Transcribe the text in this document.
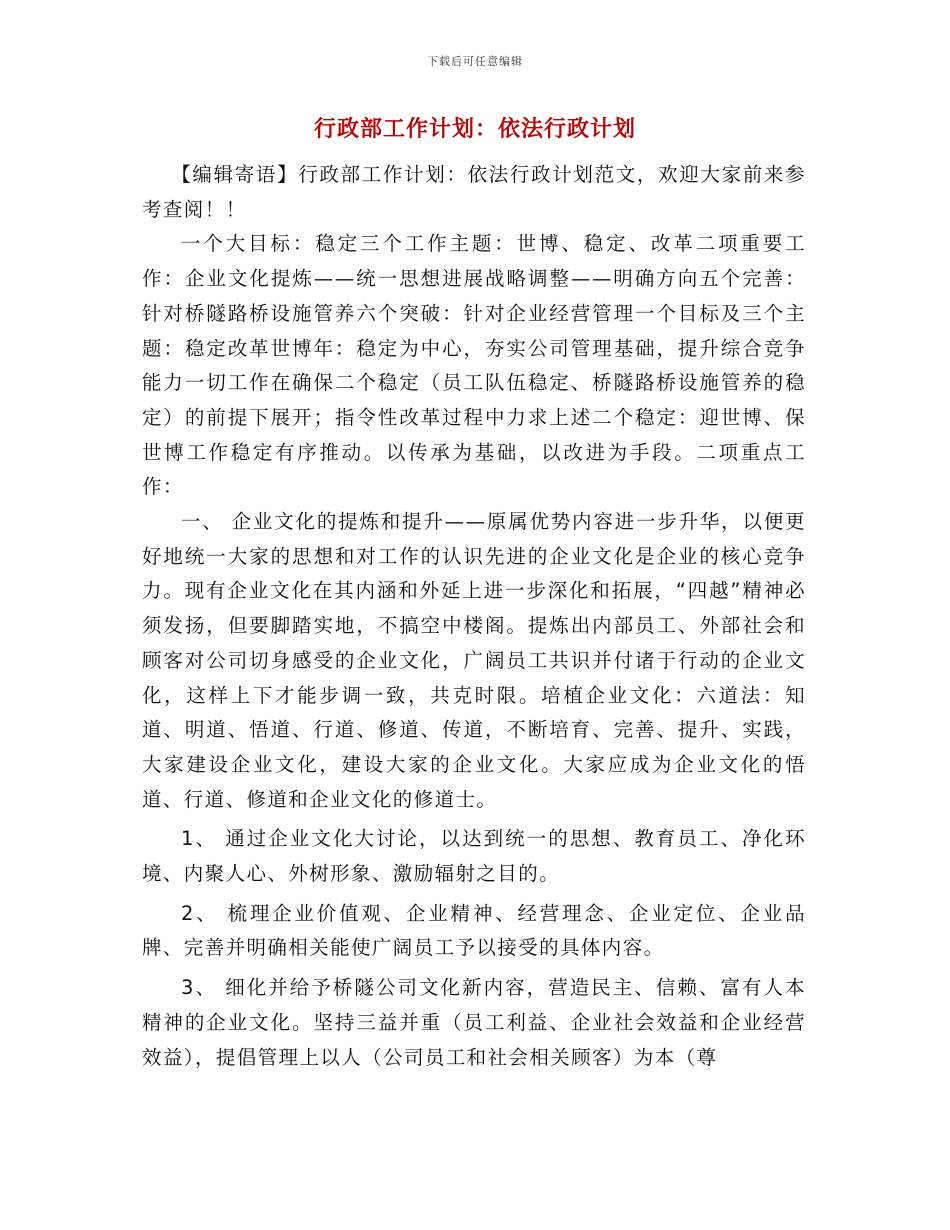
下载后可任意编辑
行政部工作计划：依法行政计划

【编辑寄语】行政部工作计划：依法行政计划范文，欢迎大家前来参考查阅！！

一个大目标：稳定三个工作主题：世博、稳定、改革二项重要工作：企业文化提炼——统一思想进展战略调整——明确方向五个完善：针对桥隧路桥设施管养六个突破：针对企业经营管理一个目标及三个主题：稳定改革世博年：稳定为中心，夯实公司管理基础，提升综合竞争能力一切工作在确保二个稳定（员工队伍稳定、桥隧路桥设施管养的稳定）的前提下展开；指令性改革过程中力求上述二个稳定：迎世博、保世博工作稳定有序推动。以传承为基础，以改进为手段。二项重点工作：

一、 企业文化的提炼和提升——原属优势内容进一步升华，以便更好地统一大家的思想和对工作的认识先进的企业文化是企业的核心竞争力。现有企业文化在其内涵和外延上进一步深化和拓展，“四越”精神必须发扬，但要脚踏实地，不搞空中楼阁。提炼出内部员工、外部社会和顾客对公司切身感受的企业文化，广阔员工共识并付诸于行动的企业文化，这样上下才能步调一致，共克时限。培植企业文化：六道法：知道、明道、悟道、行道、修道、传道，不断培育、完善、提升、实践，大家建设企业文化，建设大家的企业文化。大家应成为企业文化的悟道、行道、修道和企业文化的修道士。

1、 通过企业文化大讨论，以达到统一的思想、教育员工、净化环境、内聚人心、外树形象、激励辐射之目的。

2、 梳理企业价值观、企业精神、经营理念、企业定位、企业品牌、完善并明确相关能使广阔员工予以接受的具体内容。

3、 细化并给予桥隧公司文化新内容，营造民主、信赖、富有人本精神的企业文化。坚持三益并重（员工利益、企业社会效益和企业经营效益），提倡管理上以人（公司员工和社会相关顾客）为本（尊
